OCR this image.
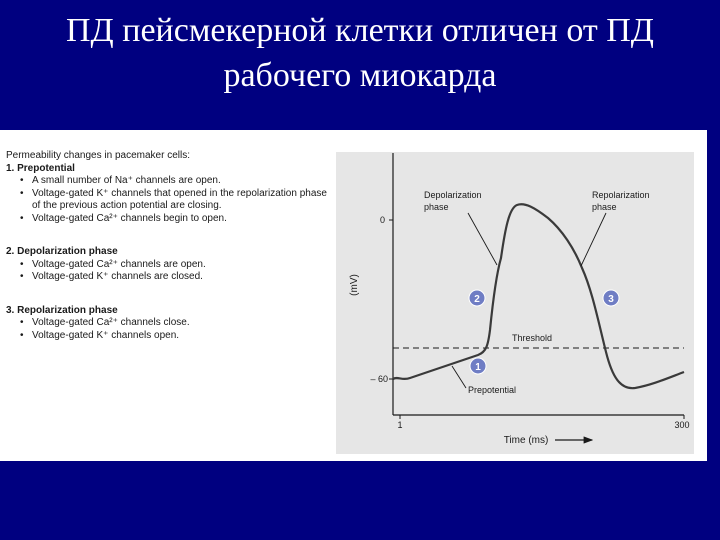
ПД пейсмекерной клетки отличен от ПД
рабочего миокарда

Permeability changes in pacemaker cells:

1. Prepotential

• A small number of Na⁺ channels are open.
• Voltage-gated K⁺ channels that opened in the repolarization phase of the previous action potential are closing.
• Voltage-gated Ca²⁺ channels begin to open.

2. Depolarization phase

• Voltage-gated Ca²⁺ channels are open.
• Voltage-gated K⁺ channels are closed.

3. Repolarization phase

• Voltage-gated Ca²⁺ channels close.
• Voltage-gated K⁺ channels open.
0
– 60
1	300
(mV)
Time (ms)
Threshold
Depolarization phase
Repolarization phase
Prepotential
1
2	3
